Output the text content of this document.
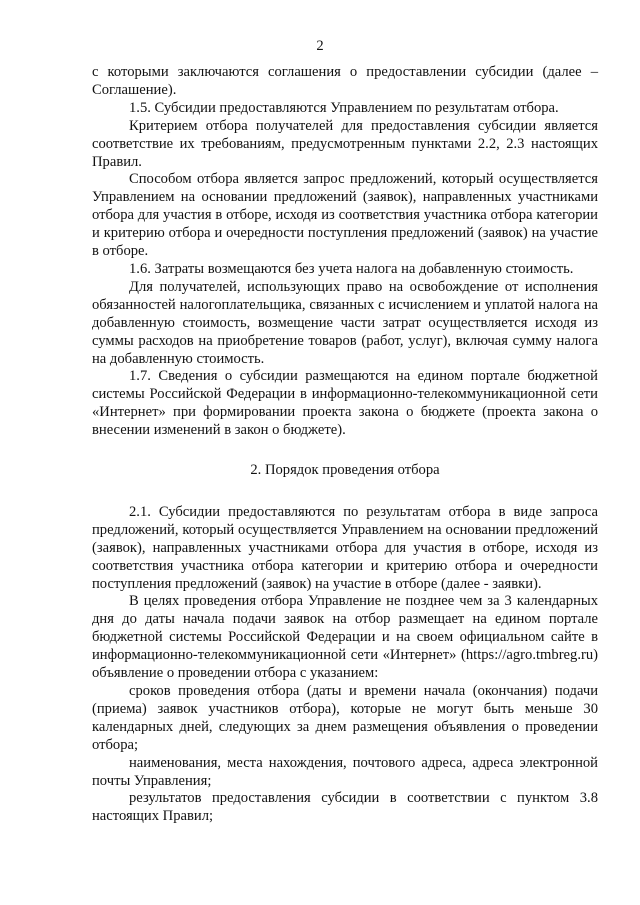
2

с которыми заключаются соглашения о предоставлении субсидии (далее – Соглашение).

1.5. Субсидии предоставляются Управлением по результатам отбора.

Критерием отбора получателей для предоставления субсидии является соответствие их требованиям, предусмотренным пунктами 2.2, 2.3 настоящих Правил.

Способом отбора является запрос предложений, который осуществляется Управлением на основании предложений (заявок), направленных участниками отбора для участия в отборе, исходя из соответствия участника отбора категории и критерию отбора и очередности поступления предложений (заявок) на участие в отборе.

1.6. Затраты возмещаются без учета налога на добавленную стоимость.

Для получателей, использующих право на освобождение от исполнения обязанностей налогоплательщика, связанных с исчислением и уплатой налога на добавленную стоимость, возмещение части затрат осуществляется исходя из суммы расходов на приобретение товаров (работ, услуг), включая сумму налога на добавленную стоимость.

1.7. Сведения о субсидии размещаются на едином портале бюджетной системы Российской Федерации в информационно-телекоммуникационной сети «Интернет» при формировании проекта закона о бюджете (проекта закона о внесении изменений в закон о бюджете).

2. Порядок проведения отбора

2.1. Субсидии предоставляются по результатам отбора в виде запроса предложений, который осуществляется Управлением на основании предложений (заявок), направленных участниками отбора для участия в отборе, исходя из соответствия участника отбора категории и критерию отбора и очередности поступления предложений (заявок) на участие в отборе (далее - заявки).

В целях проведения отбора Управление не позднее чем за 3 календарных дня до даты начала подачи заявок на отбор размещает на едином портале бюджетной системы Российской Федерации и на своем официальном сайте в информационно-телекоммуникационной сети «Интернет» (https://agro.tmbreg.ru) объявление о проведении отбора с указанием:

сроков проведения отбора (даты и времени начала (окончания) подачи (приема) заявок участников отбора), которые не могут быть меньше 30 календарных дней, следующих за днем размещения объявления о проведении отбора;

наименования, места нахождения, почтового адреса, адреса электронной почты Управления;

результатов предоставления субсидии в соответствии с пунктом 3.8 настоящих Правил;
